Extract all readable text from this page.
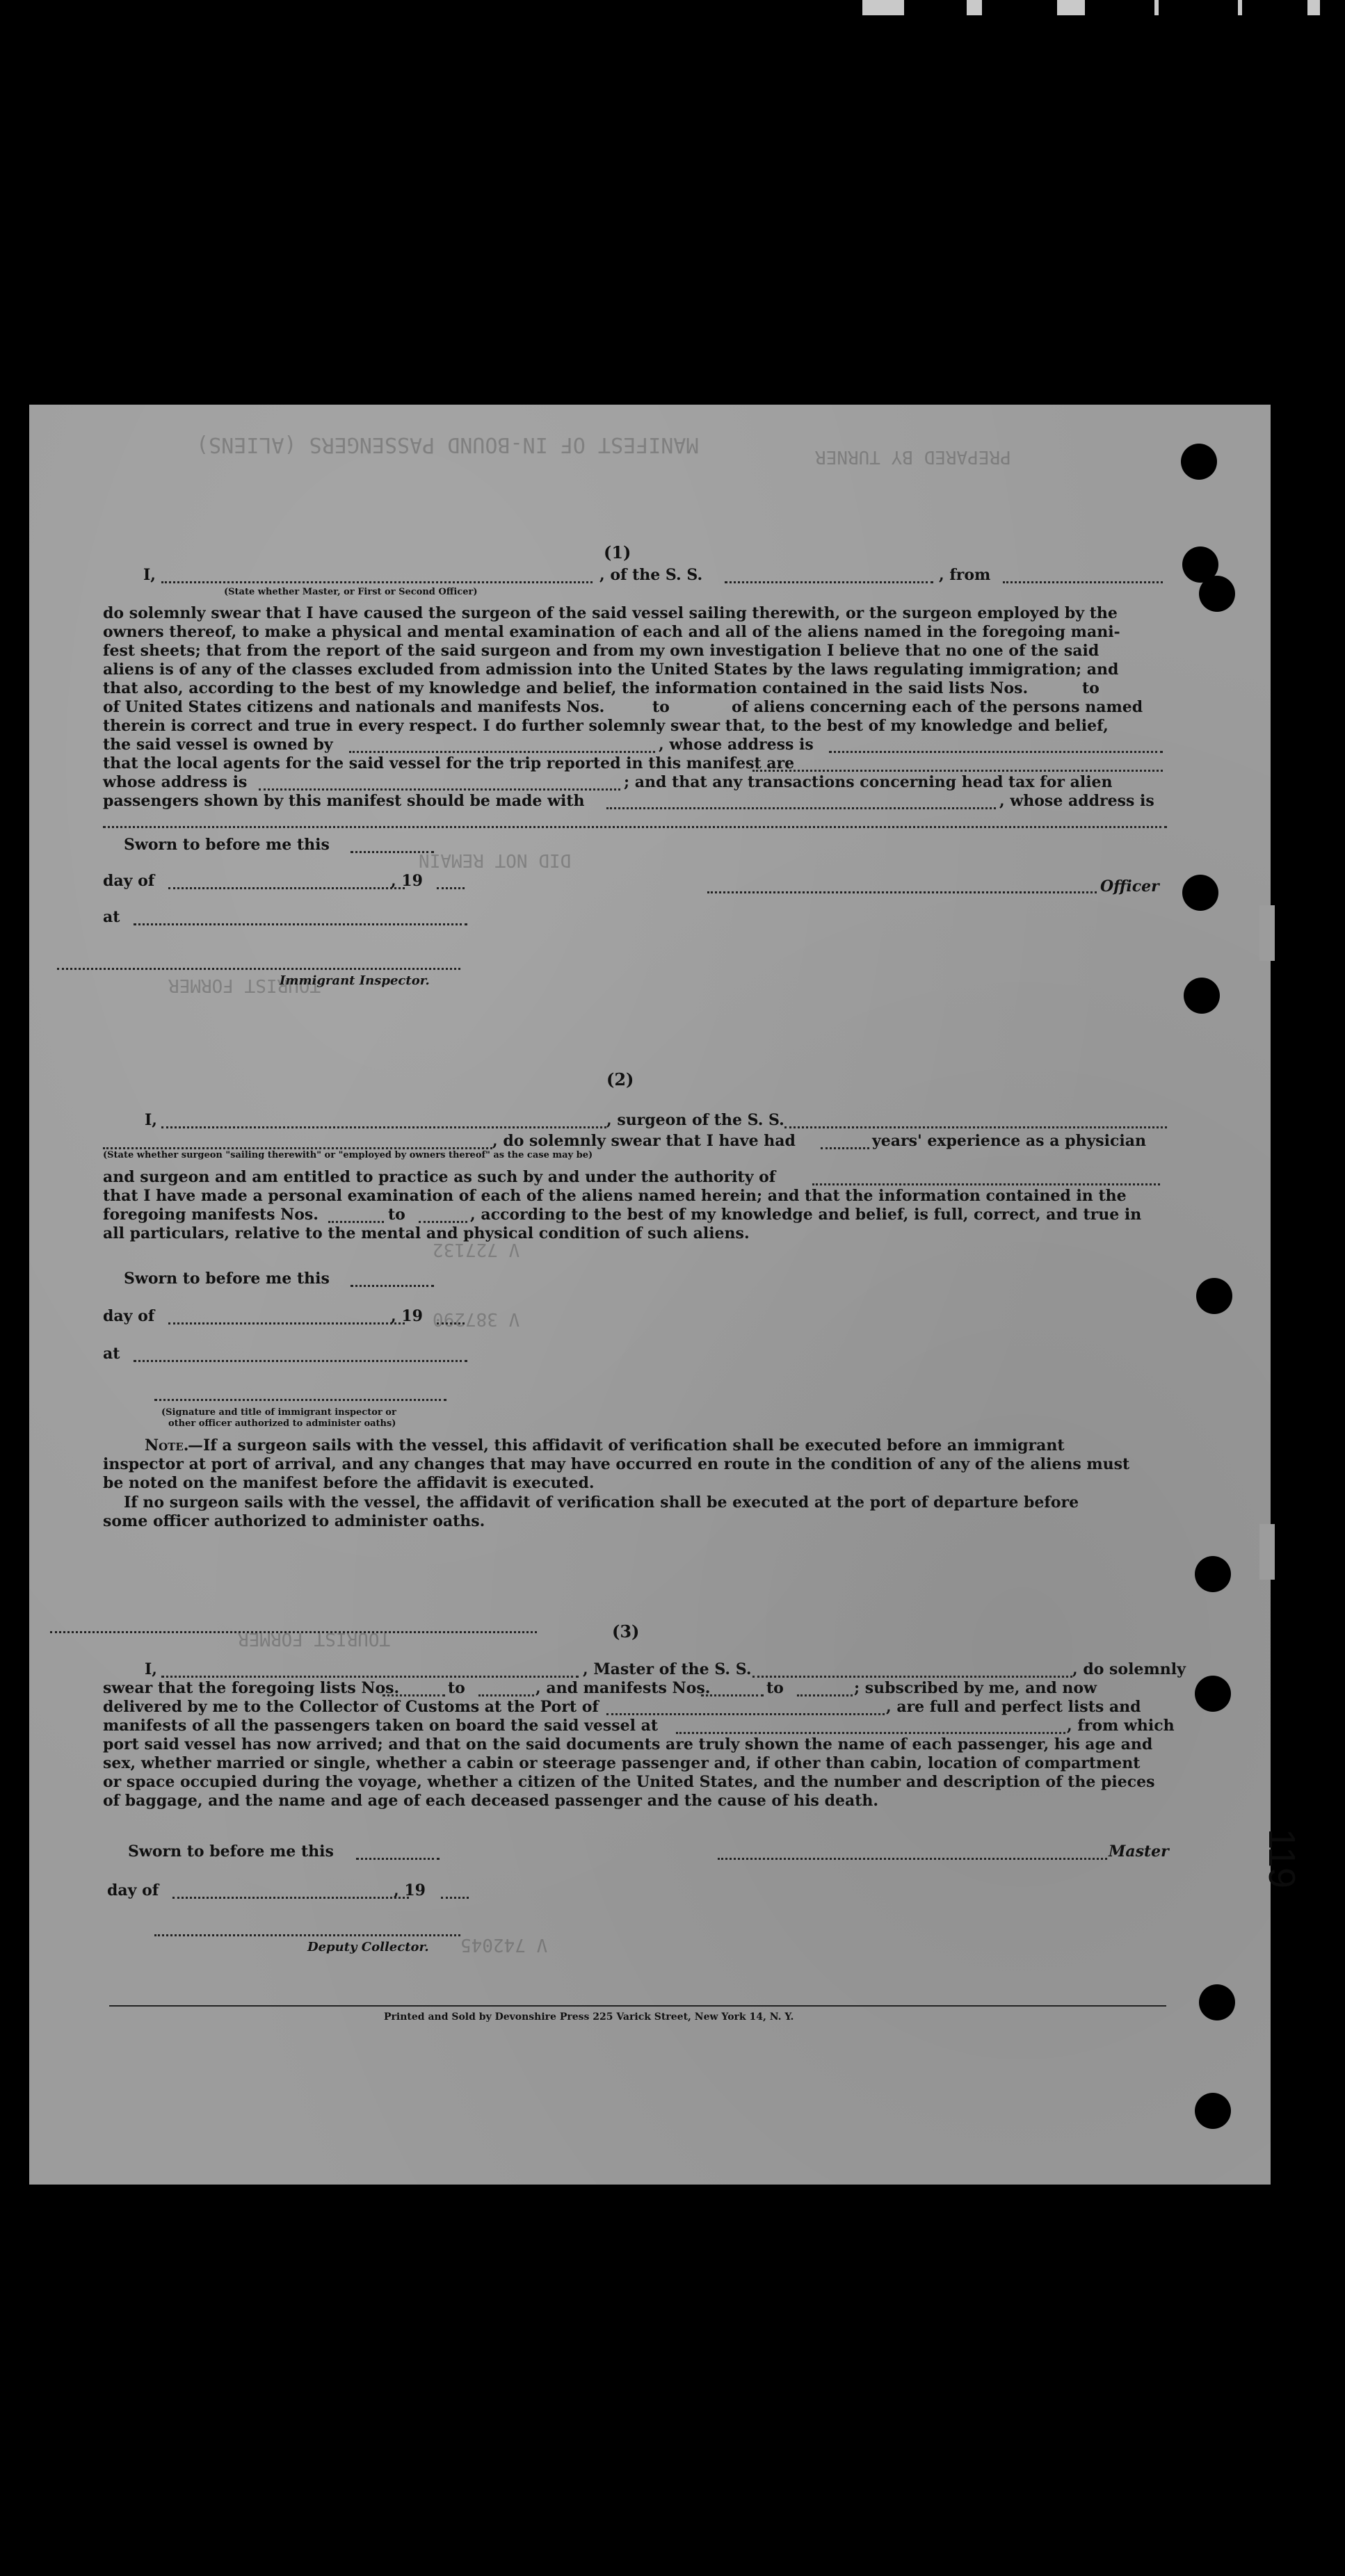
MANIFEST OF IN-BOUND PASSENGERS (ALIENS)	PREPARED BY TURNER
DID NOT REMAIN
TOURIST FORMER
V 727132
V 387290
TOURIST FORMER
V 742045
(1)
I,	, of the S. S.	, from
(State whether Master, or First or Second Officer)
do solemnly swear that I have caused the surgeon of the said vessel sailing therewith, or the surgeon employed by the
owners thereof, to make a physical and mental examination of each and all of the aliens named in the foregoing mani-
fest sheets; that from the report of the said surgeon and from my own investigation I believe that no one of the said
aliens is of any of the classes excluded from admission into the United States by the laws regulating immigration; and
that also, according to the best of my knowledge and belief, the information contained in the said lists Nos.	to
of United States citizens and nationals and manifests Nos.	to	of aliens concerning each of the persons named
therein is correct and true in every respect. I do further solemnly swear that, to the best of my knowledge and belief,
the said vessel is owned by	, whose address is
that the local agents for the said vessel for the trip reported in this manifest are
whose address is	; and that any transactions concerning head tax for alien
passengers shown by this manifest should be made with	, whose address is
Sworn to before me this
day of	, 19
at
Officer
Immigrant Inspector.
(2)
I,	, surgeon of the S. S.
, do solemnly swear that I have had	years' experience as a physician
(State whether surgeon "sailing therewith" or "employed by owners thereof" as the case may be)
and surgeon and am entitled to practice as such by and under the authority of
that I have made a personal examination of each of the aliens named herein; and that the information contained in the
foregoing manifests Nos.	to	, according to the best of my knowledge and belief, is full, correct, and true in
all particulars, relative to the mental and physical condition of such aliens.
Sworn to before me this
day of	, 19
at
(Signature and title of immigrant inspector or
other officer authorized to administer oaths)
Note.
—If a surgeon sails with the vessel, this affidavit of verification shall be executed before an immigrant
inspector at port of arrival, and any changes that may have occurred en route in the condition of any of the aliens must
be noted on the manifest before the affidavit is executed.
If no surgeon sails with the vessel, the affidavit of verification shall be executed at the port of departure before
some officer authorized to administer oaths.
(3)
I,	, Master of the S. S.	, do solemnly
swear that the foregoing lists Nos.	to	, and manifests Nos.	to	; subscribed by me, and now
delivered by me to the Collector of Customs at the Port of	, are full and perfect lists and
manifests of all the passengers taken on board the said vessel at	, from which
port said vessel has now arrived; and that on the said documents are truly shown the name of each passenger, his age and
sex, whether married or single, whether a cabin or steerage passenger and, if other than cabin, location of compartment
or space occupied during the voyage, whether a citizen of the United States, and the number and description of the pieces
of baggage, and the name and age of each deceased passenger and the cause of his death.
Sworn to before me this	Master
day of	, 19
Deputy Collector.
Printed and Sold by Devonshire Press 225 Varick Street, New York 14, N. Y.
119
